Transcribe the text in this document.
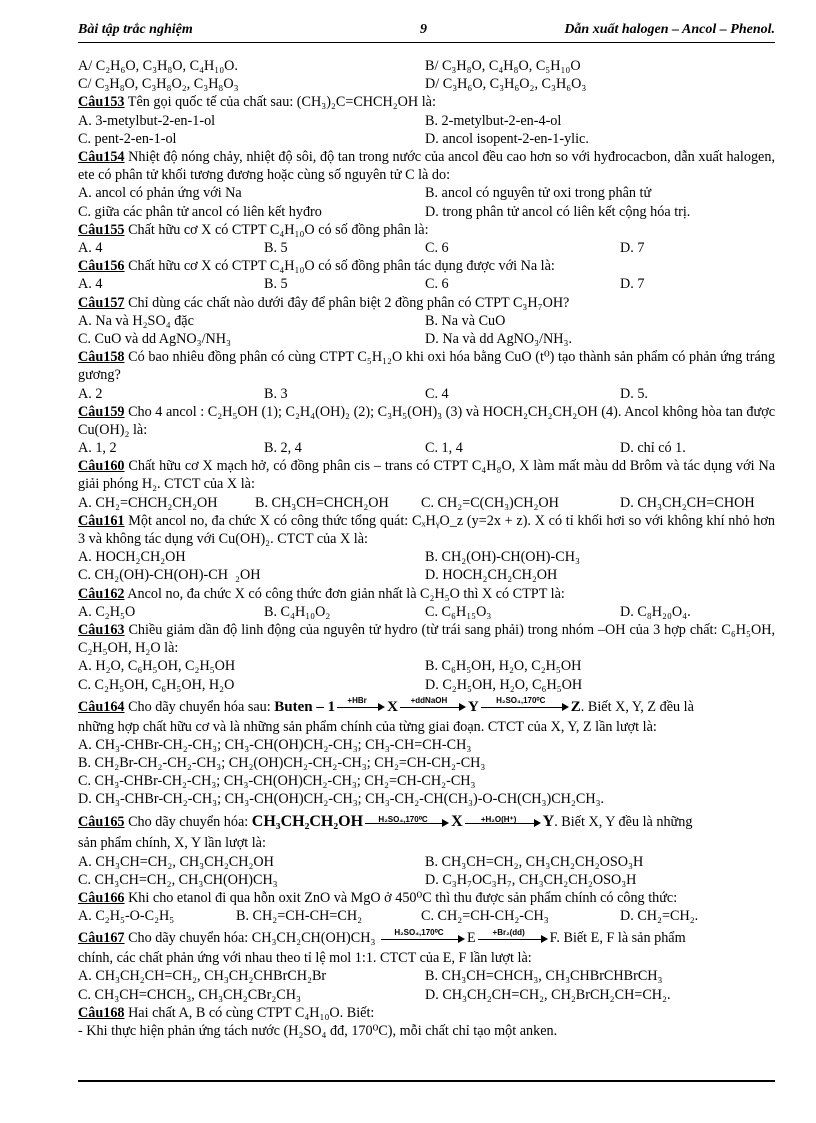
Bài tập trắc nghiệm	9	Dẫn xuất halogen – Ancol – Phenol.
A/ C₂H₆O, C₃H₈O, C₄H₁₀O.	B/ C₃H₈O, C₄H₈O, C₅H₁₀O
C/ C₃H₈O, C₃H₈O₂, C₃H₈O₃	D/ C₃H₆O, C₃H₆O₂, C₃H₆O₃
Câu153 Tên gọi quốc tế của chất sau: (CH₃)₂C=CHCH₂OH là:
A. 3-metylbut-2-en-1-ol	B. 2-metylbut-2-en-4-ol
C. pent-2-en-1-ol	D. ancol isopent-2-en-1-ylic.
Câu154 Nhiệt độ nóng chảy, nhiệt độ sôi, độ tan trong nước của ancol đều cao hơn so với hyđrocacbon, dẫn xuất halogen, ete có phân tử khối tương đương hoặc cùng số nguyên tử C là do:
A. ancol có phản ứng với Na	B. ancol có nguyên tử oxi trong phân tử
C. giữa các phân tử ancol có liên kết hyđro	D. trong phân tử ancol có liên kết cộng hóa trị.
Câu155 Chất hữu cơ X có CTPT C₄H₁₀O có số đồng phân là:
A. 4	B. 5	C. 6	D. 7
Câu156 Chất hữu cơ X có CTPT C₄H₁₀O có số đồng phân tác dụng được với Na là:
A. 4	B. 5	C. 6	D. 7
Câu157 Chỉ dùng các chất nào dưới đây để phân biệt 2 đồng phân có CTPT C₃H₇OH?
A. Na và H₂SO₄ đặc	B. Na và CuO
C. CuO và dd AgNO₃/NH₃	D. Na và dd AgNO₃/NH₃.
Câu158 Có bao nhiêu đồng phân có cùng CTPT C₅H₁₂O khi oxi hóa bằng CuO (t⁰) tạo thành sản phẩm có phản ứng tráng gương?
A. 2	B. 3	C. 4	D. 5.
Câu159 Cho 4 ancol : C₂H₅OH (1); C₂H₄(OH)₂ (2); C₃H₅(OH)₃ (3) và HOCH₂CH₂CH₂OH (4). Ancol không hòa tan được Cu(OH)₂ là:
A. 1, 2	B. 2, 4	C. 1, 4	D. chỉ có 1.
Câu160 Chất hữu cơ X mạch hở, có đồng phân cis – trans có CTPT C₄H₈O, X làm mất màu dd Brôm và tác dụng với Na giải phóng H₂. CTCT của X là:
A. CH₂=CHCH₂CH₂OH	B. CH₃CH=CHCH₂OH C. CH₂=C(CH₃)CH₂OH	D. CH₃CH₂CH=CHOH
Câu161 Một ancol no, đa chức X có công thức tổng quát: CₓHᵧO_z (y=2x + z). X có tỉ khối hơi so với không khí nhỏ hơn 3 và không tác dụng với Cu(OH)₂. CTCT của X là:
A. HOCH₂CH₂OH	B. CH₂(OH)-CH(OH)-CH₃
C. CH₂(OH)-CH(OH)-CH  ₂OH	D. HOCH₂CH₂CH₂OH
Câu162 Ancol no, đa chức X có công thức đơn giản nhất là C₂H₅O thì X có CTPT là:
A. C₂H₅O	B. C₄H₁₀O₂	C. C₆H₁₅O₃	D. C₈H₂₀O₄.
Câu163 Chiều giảm dần độ linh động của nguyên tử hydro (từ trái sang phải) trong nhóm –OH của 3 hợp chất: C₆H₅OH, C₂H₅OH, H₂O là:
A. H₂O, C₆H₅OH, C₂H₅OH	B. C₆H₅OH, H₂O, C₂H₅OH
C. C₂H₅OH, C₆H₅OH, H₂O	D. C₂H₅OH, H₂O, C₆H₅OH
Câu164 Cho dãy chuyển hóa sau: Buten – 1	+HBr	X	+ddNaOH	Y	H₂SO₄,170⁰C	Z. Biết X, Y, Z đều là
những hợp chất hữu cơ và là những sản phẩm chính của từng giai đoạn. CTCT của X, Y, Z lần lượt là:
A. CH₃-CHBr-CH₂-CH₃; CH₃-CH(OH)CH₂-CH₃; CH₃-CH=CH-CH₃
B. CH₂Br-CH₂-CH₂-CH₃; CH₂(OH)CH₂-CH₂-CH₃; CH₂=CH-CH₂-CH₃
C. CH₃-CHBr-CH₂-CH₃; CH₃-CH(OH)CH₂-CH₃; CH₂=CH-CH₂-CH₃
D. CH₃-CHBr-CH₂-CH₃; CH₃-CH(OH)CH₂-CH₃; CH₃-CH₂-CH(CH₃)-O-CH(CH₃)CH₂CH₃.
Câu165 Cho dãy chuyển hóa: CH₃CH₂CH₂OH	H₂SO₄,170⁰C	X	+H₂O(H⁺)	Y. Biết X, Y đều là những
sản phẩm chính, X, Y lần lượt là:
A. CH₃CH=CH₂, CH₃CH₂CH₂OH	B. CH₃CH=CH₂, CH₃CH₂CH₂OSO₃H
C. CH₃CH=CH₂, CH₃CH(OH)CH₃	D. C₃H₇OC₃H₇, CH₃CH₂CH₂OSO₃H
Câu166 Khi cho etanol đi qua hỗn oxit ZnO và MgO ở 450⁰C thì thu được sản phẩm chính có công thức:
A. C₂H₅-O-C₂H₅	B. CH₂=CH-CH=CH₂	C. CH₂=CH-CH₂-CH₃	D. CH₂=CH₂.
Câu167 Cho dãy chuyển hóa: CH₃CH₂CH(OH)CH₃	H₂SO₄,170⁰C	E	+Br₂(dd)	F. Biết E, F là sản phẩm
chính, các chất phản ứng với nhau theo tỉ lệ mol 1:1. CTCT của E, F lần lượt là:
A. CH₃CH₂CH=CH₂, CH₃CH₂CHBrCH₂Br	B. CH₃CH=CHCH₃, CH₃CHBrCHBrCH₃
C. CH₃CH=CHCH₃, CH₃CH₂CBr₂CH₃	D. CH₃CH₂CH=CH₂, CH₂BrCH₂CH=CH₂.
Câu168 Hai chất A, B có cùng CTPT C₄H₁₀O. Biết:
- Khi thực hiện phản ứng tách nước (H₂SO₄ đđ, 170⁰C), mỗi chất chỉ tạo một anken.
